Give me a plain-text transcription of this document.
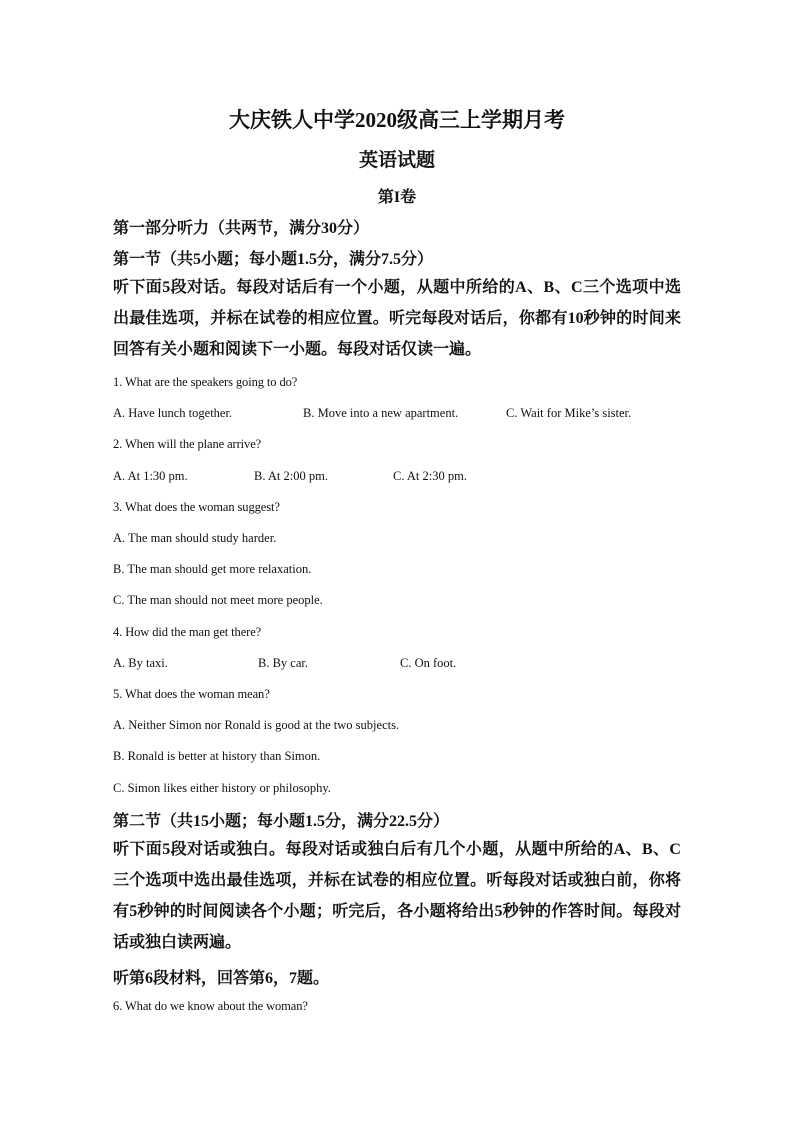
大庆铁人中学2020级高三上学期月考
英语试题
第I卷
第一部分听力（共两节，满分30分）
第一节（共5小题；每小题1.5分，满分7.5分）
听下面5段对话。每段对话后有一个小题，从题中所给的A、B、C三个选项中选出最佳选项，并标在试卷的相应位置。听完每段对话后，你都有10秒钟的时间来回答有关小题和阅读下一小题。每段对话仅读一遍。
1. What are the speakers going to do?
A. Have lunch together.	B. Move into a new apartment.	C. Wait for Mike’s sister.
2. When will the plane arrive?
A. At 1:30 pm.	B. At 2:00 pm.	C. At 2:30 pm.
3. What does the woman suggest?
A. The man should study harder.
B. The man should get more relaxation.
C. The man should not meet more people.
4. How did the man get there?
A. By taxi.	B. By car.	C. On foot.
5. What does the woman mean?
A. Neither Simon nor Ronald is good at the two subjects.
B. Ronald is better at history than Simon.
C. Simon likes either history or philosophy.
第二节（共15小题；每小题1.5分，满分22.5分）
听下面5段对话或独白。每段对话或独白后有几个小题，从题中所给的A、B、C三个选项中选出最佳选项，并标在试卷的相应位置。听每段对话或独白前，你将有5秒钟的时间阅读各个小题；听完后，各小题将给出5秒钟的作答时间。每段对话或独白读两遍。
听第6段材料，回答第6，7题。
6. What do we know about the woman?
